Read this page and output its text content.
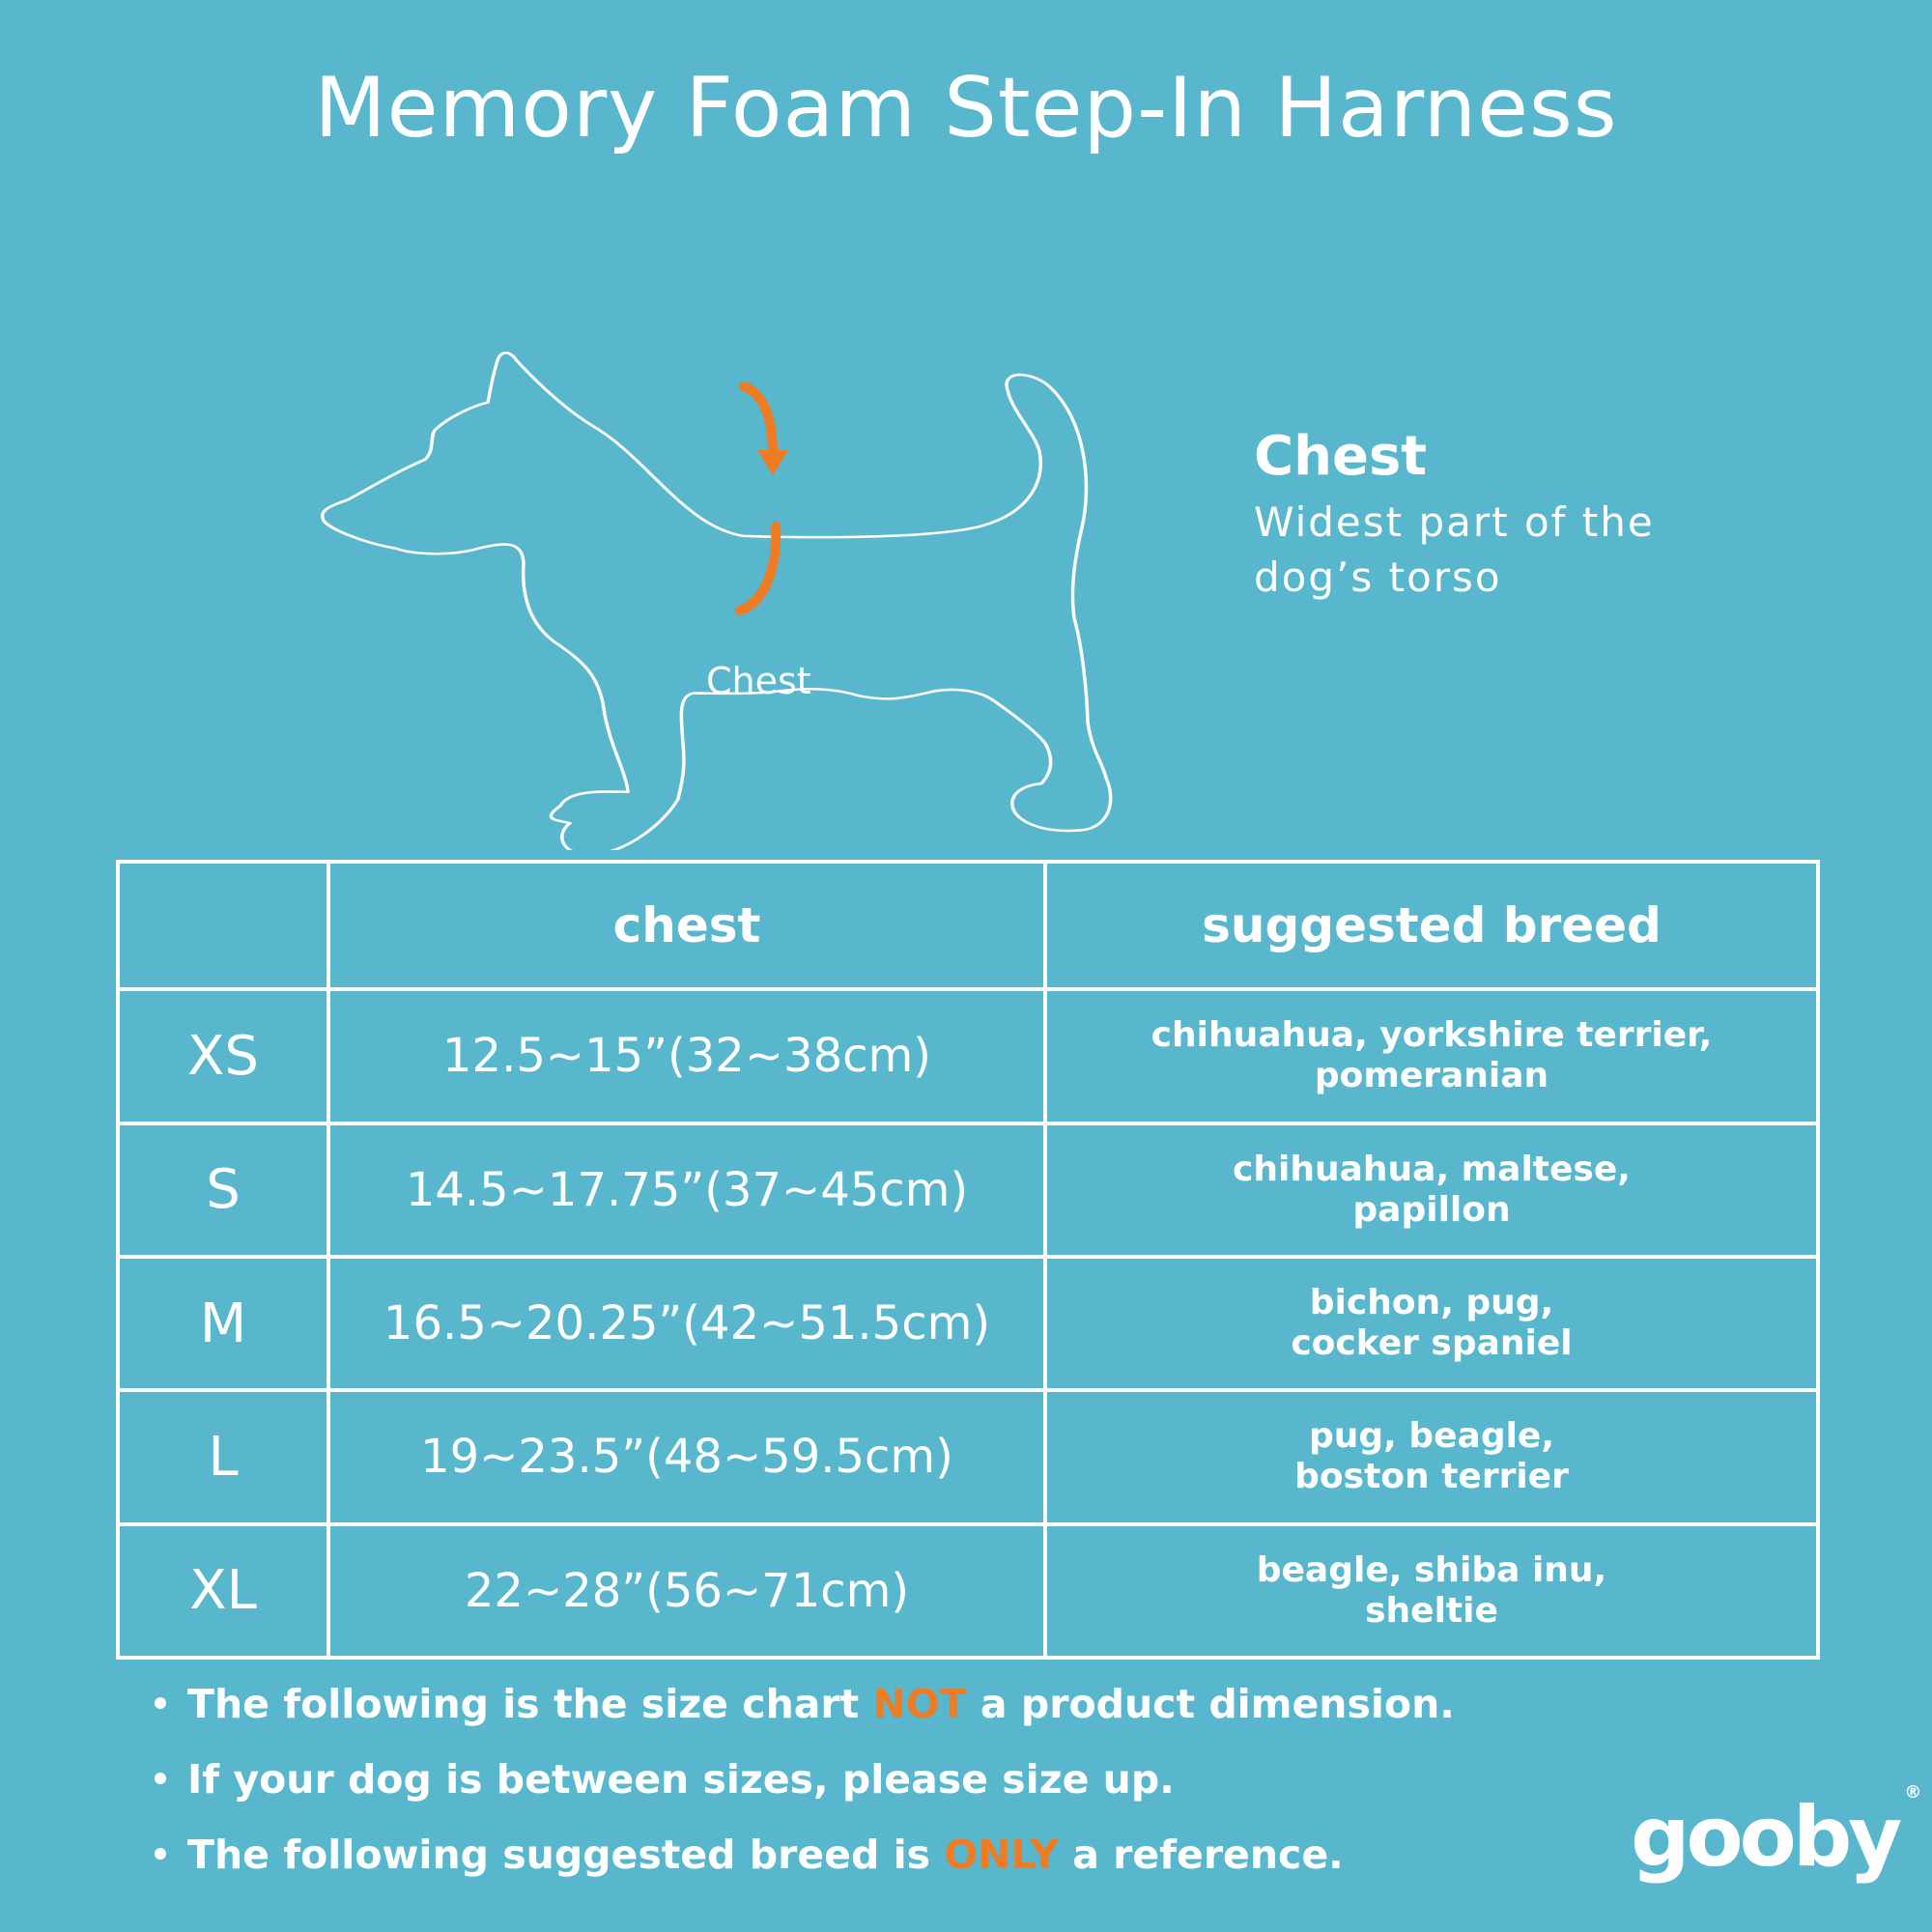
Memory Foam Step-In Harness
Chest
Chest
Widest part of the dog’s torso
	chest	suggested breed
XS	12.5~15”(32~38cm)	chihuahua, yorkshire terrier,
pomeranian
S	14.5~17.75”(37~45cm)	chihuahua, maltese,
papillon
M	16.5~20.25”(42~51.5cm)	bichon, pug,
cocker spaniel
L	19~23.5”(48~59.5cm)	pug, beagle,
boston terrier
XL	22~28”(56~71cm)	beagle, shiba inu,
sheltie
The following is the size chart NOT a product dimension.
If your dog is between sizes, please size up.
The following suggested breed is ONLY a reference.	gooby ®
